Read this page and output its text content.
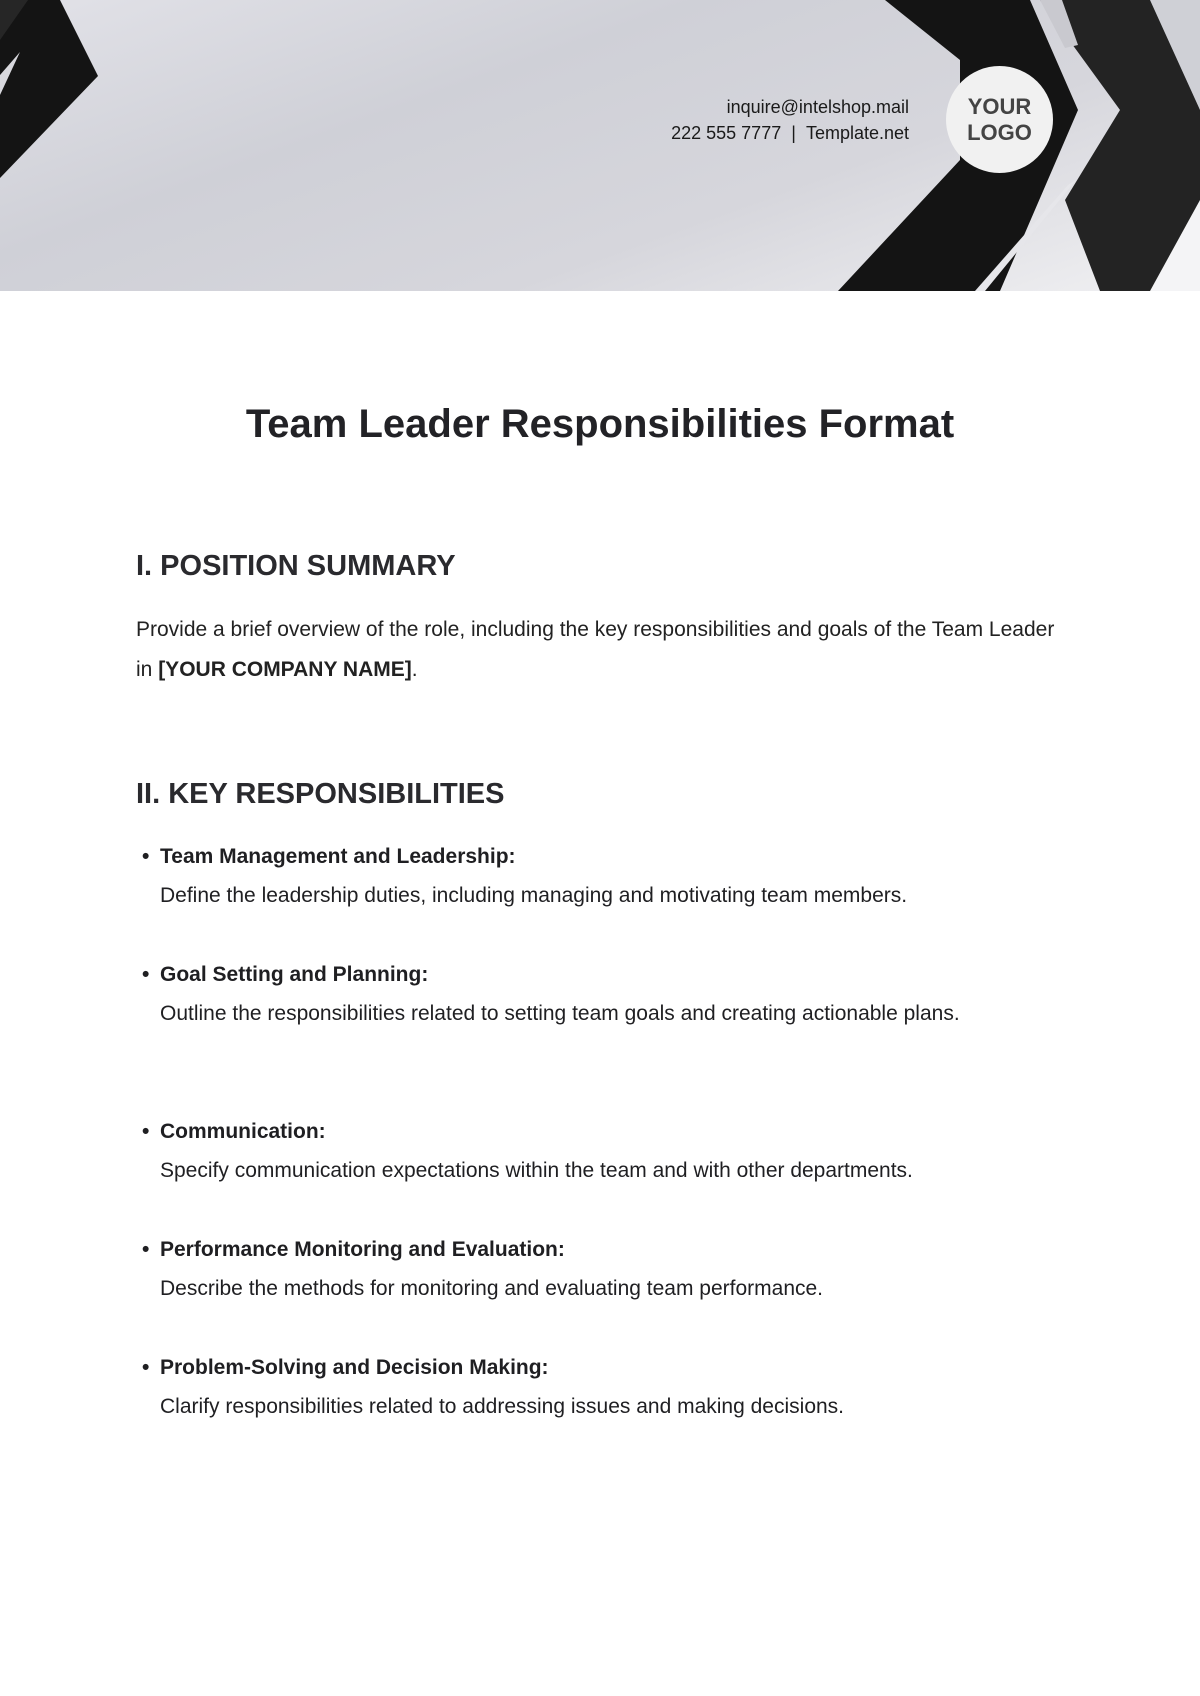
inquire@intelshop.mail
222 555 7777 | Template.net
YOUR
LOGO
Team Leader Responsibilities Format
I. POSITION SUMMARY
Provide a brief overview of the role, including the key responsibilities and goals of the Team Leader in [YOUR COMPANY NAME].
II. KEY RESPONSIBILITIES
• Team Management and Leadership:
Define the leadership duties, including managing and motivating team members.
• Goal Setting and Planning:
Outline the responsibilities related to setting team goals and creating actionable plans.
• Communication:
Specify communication expectations within the team and with other departments.
• Performance Monitoring and Evaluation:
Describe the methods for monitoring and evaluating team performance.
• Problem-Solving and Decision Making:
Clarify responsibilities related to addressing issues and making decisions.
